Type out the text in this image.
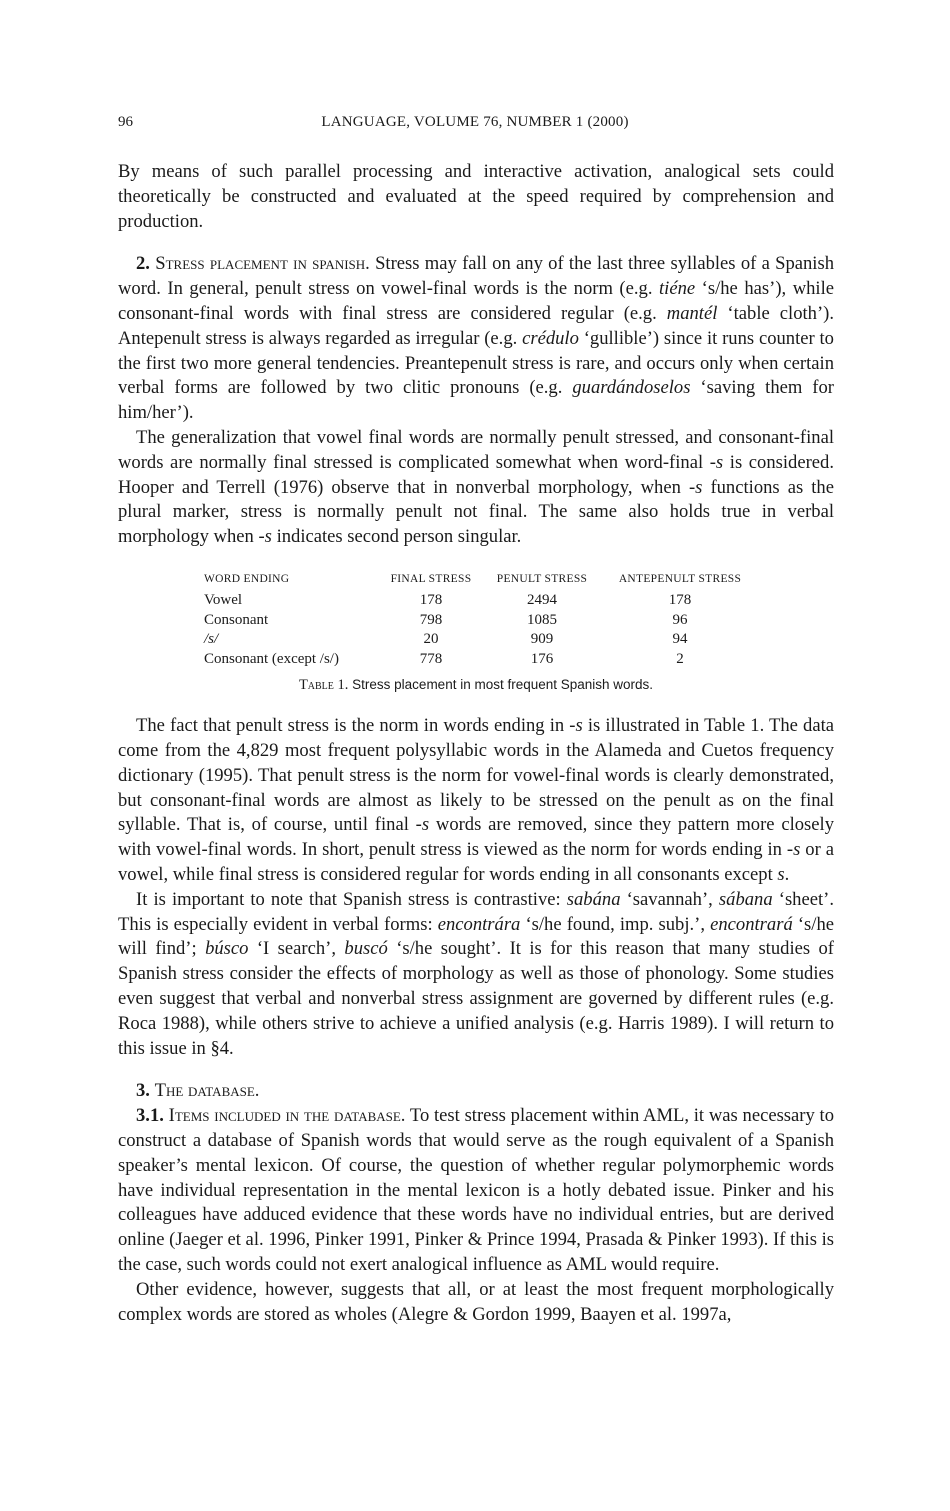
96	LANGUAGE, VOLUME 76, NUMBER 1 (2000)

By means of such parallel processing and interactive activation, analogical sets could theoretically be constructed and evaluated at the speed required by comprehension and production.

2. Stress placement in spanish. Stress may fall on any of the last three syllables of a Spanish word. In general, penult stress on vowel-final words is the norm (e.g. tiéne ‘s/he has’), while consonant-final words with final stress are considered regular (e.g. mantél ‘table cloth’). Antepenult stress is always regarded as irregular (e.g. crédulo ‘gullible’) since it runs counter to the first two more general tendencies. Preantepenult stress is rare, and occurs only when certain verbal forms are followed by two clitic pronouns (e.g. guardándoselos ‘saving them for him/her’).

The generalization that vowel final words are normally penult stressed, and consonant-final words are normally final stressed is complicated somewhat when word-final -s is considered. Hooper and Terrell (1976) observe that in nonverbal morphology, when -s functions as the plural marker, stress is normally penult not final. The same also holds true in verbal morphology when -s indicates second person singular.

WORD ENDING	FINAL STRESS	PENULT STRESS	ANTEPENULT STRESS
Vowel	178	2494	178
Consonant	798	1085	96
/s/	20	909	94
Consonant (except /s/)	778	176	2
Table 1. Stress placement in most frequent Spanish words.

The fact that penult stress is the norm in words ending in -s is illustrated in Table 1. The data come from the 4,829 most frequent polysyllabic words in the Alameda and Cuetos frequency dictionary (1995). That penult stress is the norm for vowel-final words is clearly demonstrated, but consonant-final words are almost as likely to be stressed on the penult as on the final syllable. That is, of course, until final -s words are removed, since they pattern more closely with vowel-final words. In short, penult stress is viewed as the norm for words ending in -s or a vowel, while final stress is considered regular for words ending in all consonants except s.

It is important to note that Spanish stress is contrastive: sabána ‘savannah’, sábana ‘sheet’. This is especially evident in verbal forms: encontrára ‘s/he found, imp. subj.’, encontrará ‘s/he will find’; búsco ‘I search’, buscó ‘s/he sought’. It is for this reason that many studies of Spanish stress consider the effects of morphology as well as those of phonology. Some studies even suggest that verbal and nonverbal stress assignment are governed by different rules (e.g. Roca 1988), while others strive to achieve a unified analysis (e.g. Harris 1989). I will return to this issue in §4.

3. The database.

3.1. Items included in the database. To test stress placement within AML, it was necessary to construct a database of Spanish words that would serve as the rough equivalent of a Spanish speaker’s mental lexicon. Of course, the question of whether regular polymorphemic words have individual representation in the mental lexicon is a hotly debated issue. Pinker and his colleagues have adduced evidence that these words have no individual entries, but are derived online (Jaeger et al. 1996, Pinker 1991, Pinker & Prince 1994, Prasada & Pinker 1993). If this is the case, such words could not exert analogical influence as AML would require.

Other evidence, however, suggests that all, or at least the most frequent morphologically complex words are stored as wholes (Alegre & Gordon 1999, Baayen et al. 1997a,
